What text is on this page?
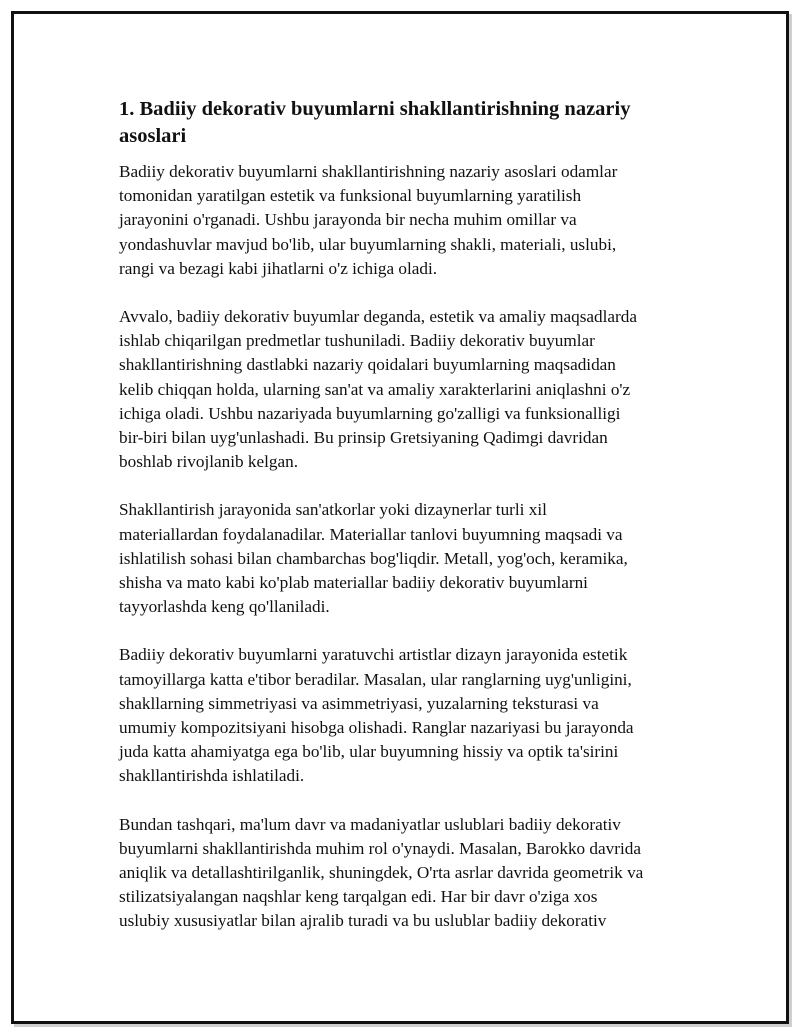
1. Badiiy dekorativ buyumlarni shakllantirishning nazariy
asoslari

Badiiy dekorativ buyumlarni shakllantirishning nazariy asoslari odamlar
tomonidan yaratilgan estetik va funksional buyumlarning yaratilish
jarayonini o'rganadi. Ushbu jarayonda bir necha muhim omillar va
yondashuvlar mavjud bo'lib, ular buyumlarning shakli, materiali, uslubi,
rangi va bezagi kabi jihatlarni o'z ichiga oladi.

Avvalo, badiiy dekorativ buyumlar deganda, estetik va amaliy maqsadlarda
ishlab chiqarilgan predmetlar tushuniladi. Badiiy dekorativ buyumlar
shakllantirishning dastlabki nazariy qoidalari buyumlarning maqsadidan
kelib chiqqan holda, ularning san'at va amaliy xarakterlarini aniqlashni o'z
ichiga oladi. Ushbu nazariyada buyumlarning go'zalligi va funksionalligi
bir-biri bilan uyg'unlashadi. Bu prinsip Gretsiyaning Qadimgi davridan
boshlab rivojlanib kelgan.

Shakllantirish jarayonida san'atkorlar yoki dizaynerlar turli xil
materiallardan foydalanadilar. Materiallar tanlovi buyumning maqsadi va
ishlatilish sohasi bilan chambarchas bog'liqdir. Metall, yog'och, keramika,
shisha va mato kabi ko'plab materiallar badiiy dekorativ buyumlarni
tayyorlashda keng qo'llaniladi.

Badiiy dekorativ buyumlarni yaratuvchi artistlar dizayn jarayonida estetik
tamoyillarga katta e'tibor beradilar. Masalan, ular ranglarning uyg'unligini,
shakllarning simmetriyasi va asimmetriyasi, yuzalarning teksturasi va
umumiy kompozitsiyani hisobga olishadi. Ranglar nazariyasi bu jarayonda
juda katta ahamiyatga ega bo'lib, ular buyumning hissiy va optik ta'sirini
shakllantirishda ishlatiladi.

Bundan tashqari, ma'lum davr va madaniyatlar uslublari badiiy dekorativ
buyumlarni shakllantirishda muhim rol o'ynaydi. Masalan, Barokko davrida
aniqlik va detallashtirilganlik, shuningdek, O'rta asrlar davrida geometrik va
stilizatsiyalangan naqshlar keng tarqalgan edi. Har bir davr o'ziga xos
uslubiy xususiyatlar bilan ajralib turadi va bu uslublar badiiy dekorativ
